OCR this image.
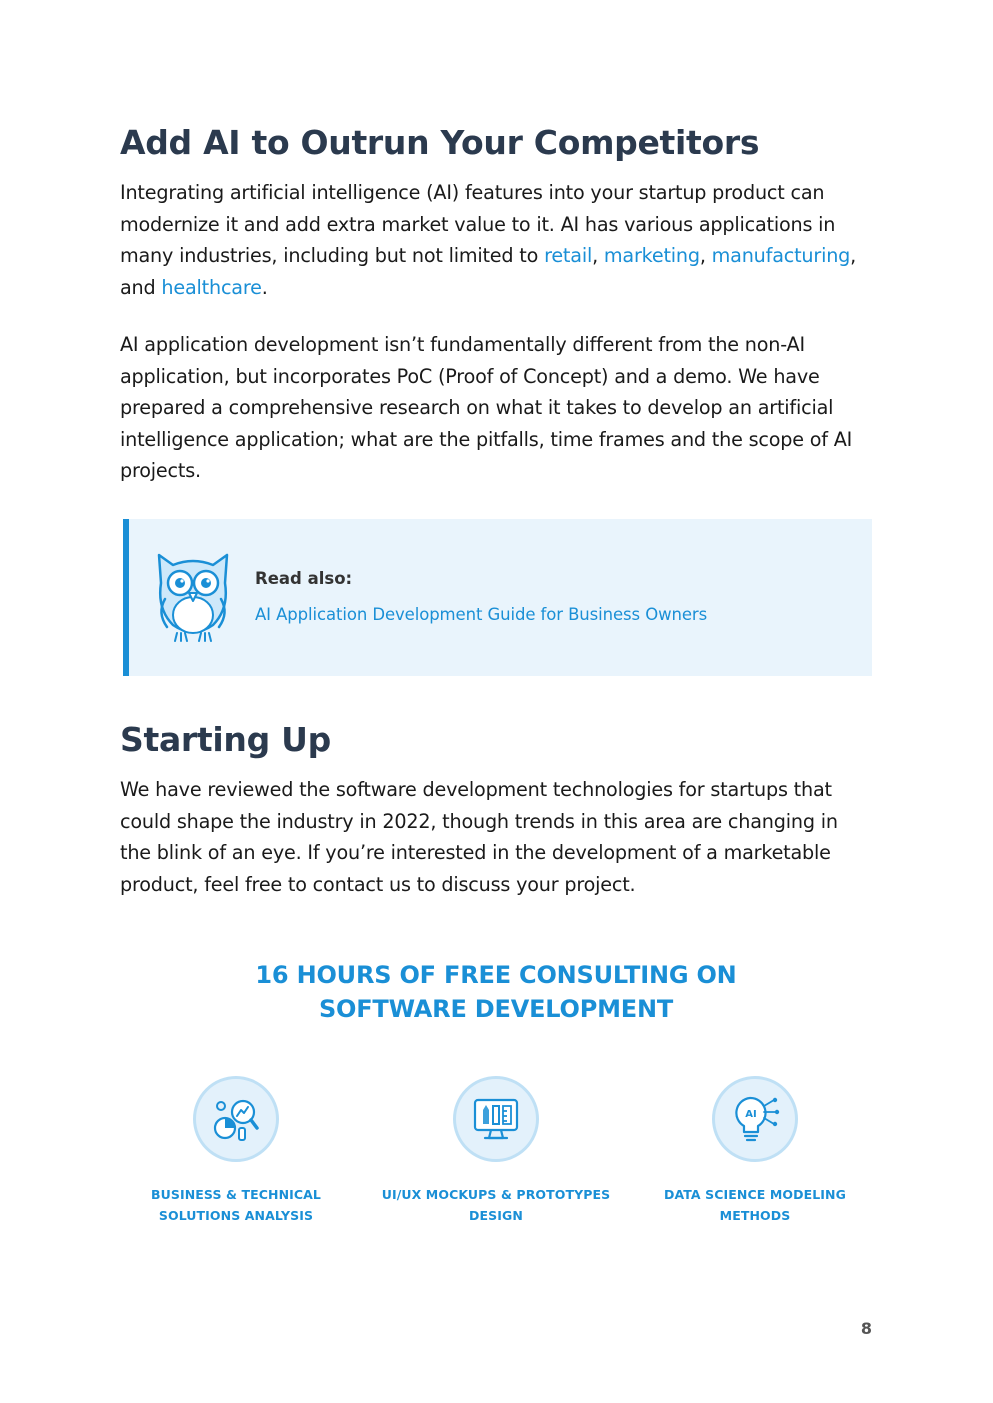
Add AI to Outrun Your Competitors

Integrating artificial intelligence (AI) features into your startup product can modernize it and add extra market value to it. AI has various applications in many industries, including but not limited to retail, marketing, manufacturing, and healthcare.

AI application development isn’t fundamentally different from the non-AI application, but incorporates PoC (Proof of Concept) and a demo. We have prepared a comprehensive research on what it takes to develop an artificial intelligence application; what are the pitfalls, time frames and the scope of AI projects.

Read also:
AI Application Development Guide for Business Owners
Starting Up

We have reviewed the software development technologies for startups that could shape the industry in 2022, though trends in this area are changing in the blink of an eye. If you’re interested in the development of a marketable product, feel free to contact us to discuss your project.

16 HOURS OF FREE CONSULTING ON
SOFTWARE DEVELOPMENT
BUSINESS & TECHNICAL
SOLUTIONS ANALYSIS
UI/UX MOCKUPS & PROTOTYPES
DESIGN
AI
DATA SCIENCE MODELING
METHODS
8
